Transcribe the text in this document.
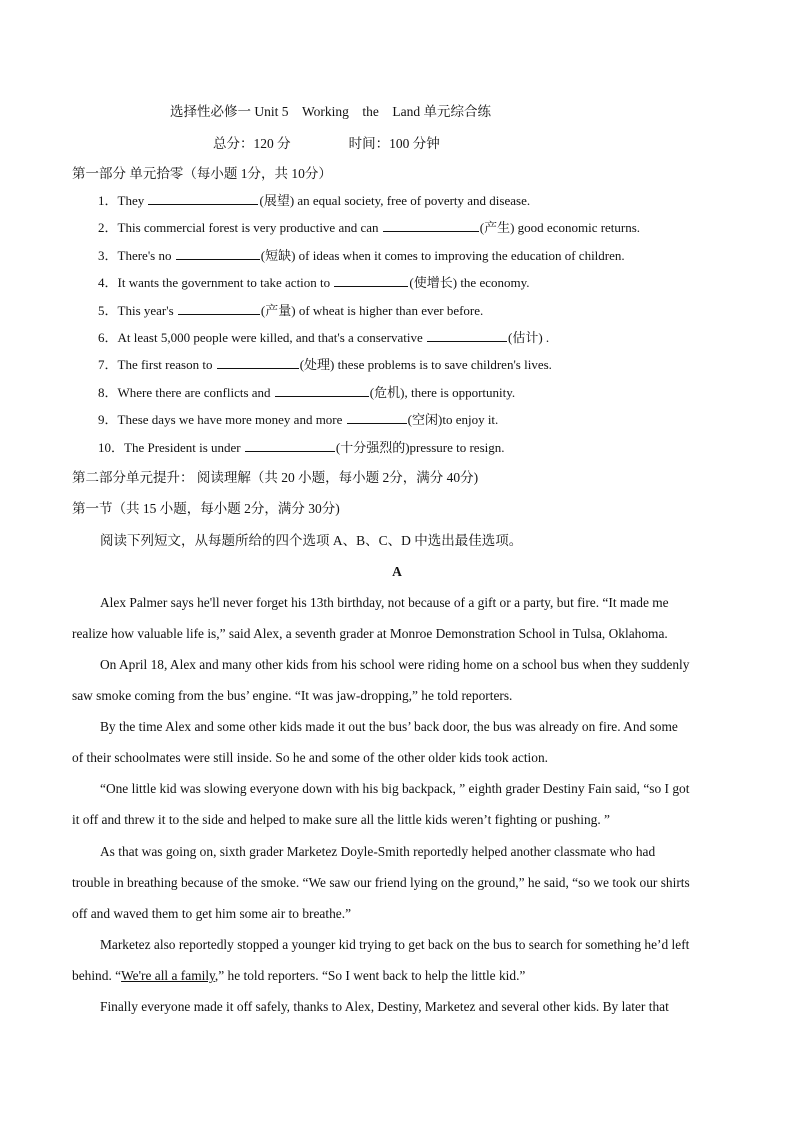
选择性必修一 Unit 5　Working　the　Land 单元综合练
总分：120 分	时间：100 分钟
第一部分 单元拾零（每小题 1分，共 10分）
1．They	(展望) an equal society, free of poverty and disease.
2．This commercial forest is very productive and can	(产生) good economic returns.
3．There's no	(短缺) of ideas when it comes to improving the education of children.
4．It wants the government to take action to	(使增长) the economy.
5．This year's	(产量) of wheat is higher than ever before.
6．At least 5,000 people were killed, and that's a conservative	(估计) .
7．The first reason to	(处理) these problems is to save children's lives.
8．Where there are conflicts and	(危机), there is opportunity.
9．These days we have more money and more	(空闲)to enjoy it.
10．The President is under	(十分强烈的)pressure to resign.
第二部分单元提升： 阅读理解（共 20 小题，每小题 2分，满分 40分)
第一节（共 15 小题，每小题 2分，满分 30分)
阅读下列短文，从每题所给的四个选项 A、B、C、D 中选出最佳选项。
A
Alex Palmer says he'll never forget his 13th birthday, not because of a gift or a party, but fire. “It made me
realize how valuable life is,” said Alex, a seventh grader at Monroe Demonstration School in Tulsa, Oklahoma.
On April 18, Alex and many other kids from his school were riding home on a school bus when they suddenly
saw smoke coming from the bus’ engine. “It was jaw-dropping,” he told reporters.
By the time Alex and some other kids made it out the bus’ back door, the bus was already on fire. And some
of their schoolmates were still inside. So he and some of the other older kids took action.
“One little kid was slowing everyone down with his big backpack, ” eighth grader Destiny Fain said, “so I got
it off and threw it to the side and helped to make sure all the little kids weren’t fighting or pushing. ”
As that was going on, sixth grader Marketez Doyle-Smith reportedly helped another classmate who had
trouble in breathing because of the smoke. “We saw our friend lying on the ground,” he said, “so we took our shirts
off and waved them to get him some air to breathe.”
Marketez also reportedly stopped a younger kid trying to get back on the bus to search for something he’d left
behind. “We're all a family,” he told reporters. “So I went back to help the little kid.”
Finally everyone made it off safely, thanks to Alex, Destiny, Marketez and several other kids. By later that
